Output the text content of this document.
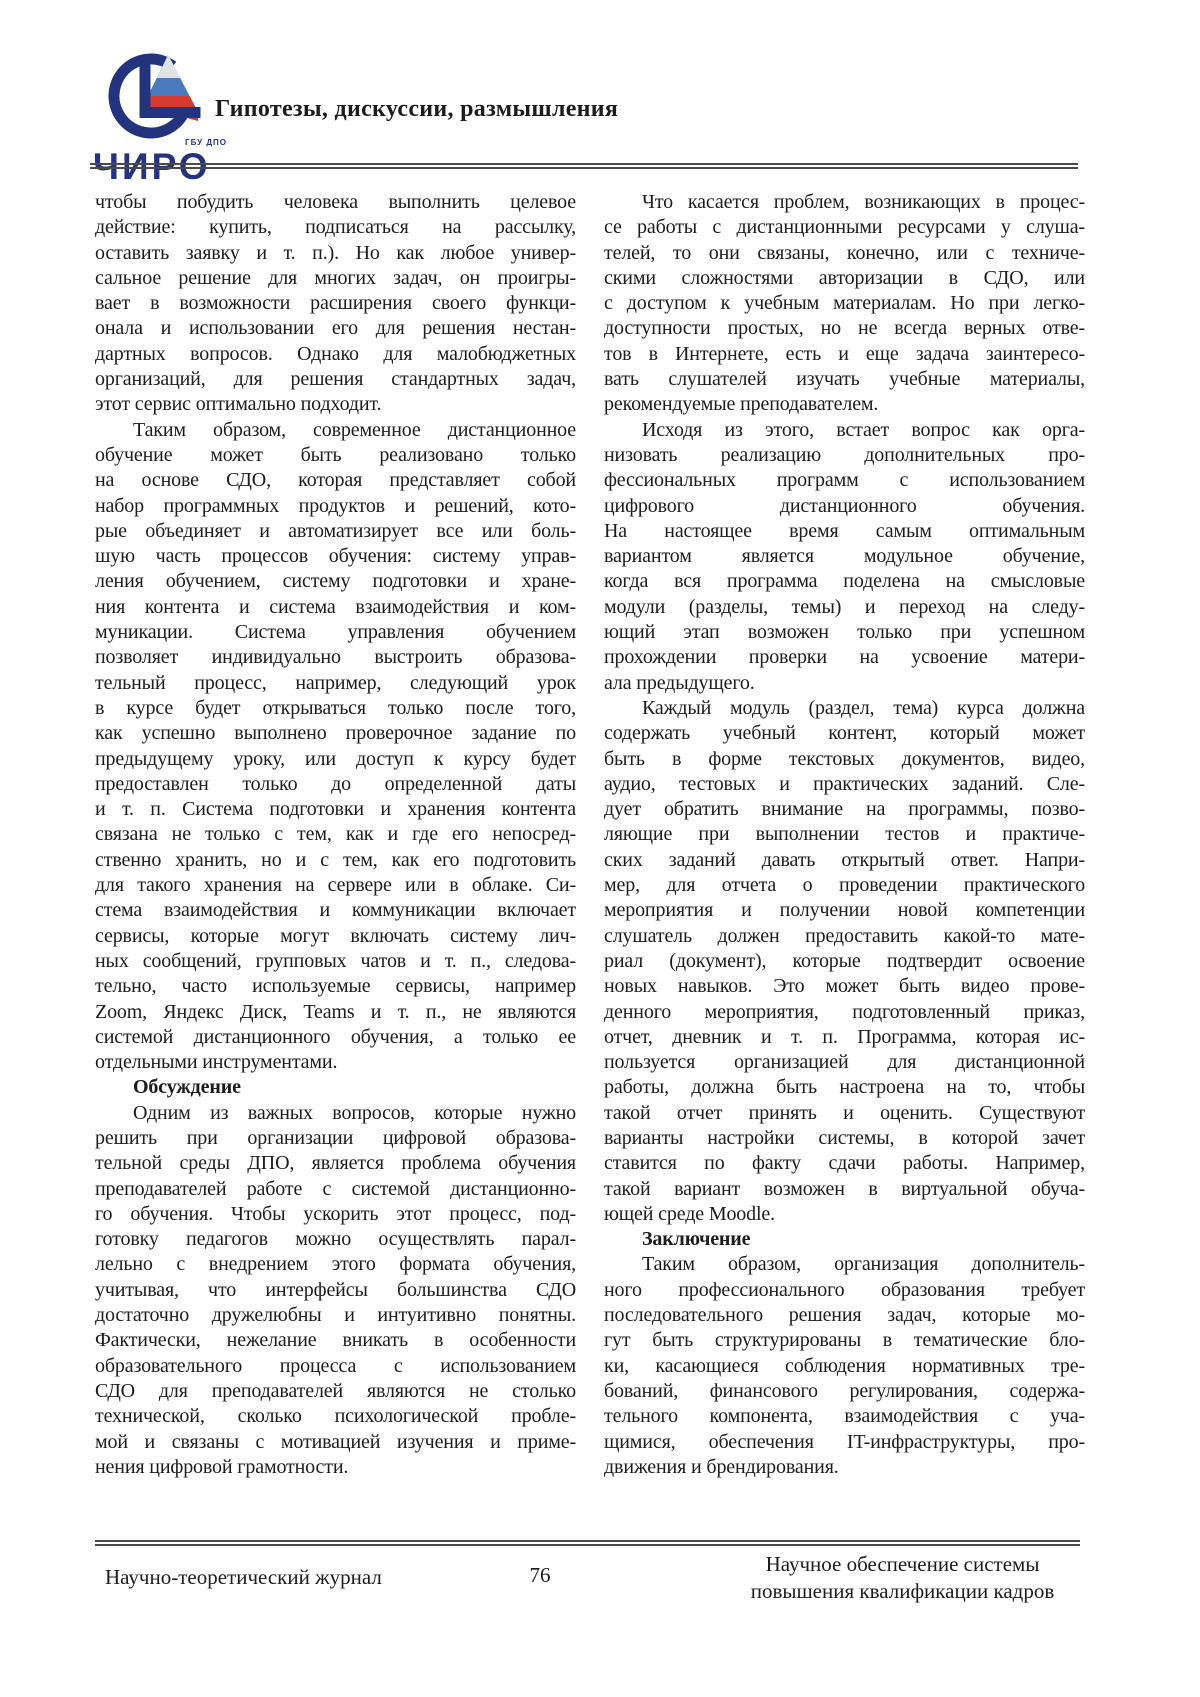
ГБУ ДПО
ЧИРО
Гипотезы, дискуссии, размышления
чтобы побудить человека выполнить целевое
действие: купить, подписаться на рассылку,
оставить заявку и т. п.). Но как любое универ-
сальное решение для многих задач, он проигры-
вает в возможности расширения своего функци-
онала и использовании его для решения нестан-
дартных вопросов. Однако для малобюджетных
организаций, для решения стандартных задач,
этот сервис оптимально подходит.
Таким образом, современное дистанционное
обучение может быть реализовано только
на основе СДО, которая представляет собой
набор программных продуктов и решений, кото-
рые объединяет и автоматизирует все или боль-
шую часть процессов обучения: систему управ-
ления обучением, систему подготовки и хране-
ния контента и система взаимодействия и ком-
муникации. Система управления обучением
позволяет индивидуально выстроить образова-
тельный процесс, например, следующий урок
в курсе будет открываться только после того,
как успешно выполнено проверочное задание по
предыдущему уроку, или доступ к курсу будет
предоставлен только до определенной даты
и т. п. Система подготовки и хранения контента
связана не только с тем, как и где его непосред-
ственно хранить, но и с тем, как его подготовить
для такого хранения на сервере или в облаке. Си-
стема взаимодействия и коммуникации включает
сервисы, которые могут включать систему лич-
ных сообщений, групповых чатов и т. п., следова-
тельно, часто используемые сервисы, например
Zoom, Яндекс Диск, Teams и т. п., не являются
системой дистанционного обучения, а только ее
отдельными инструментами.
Обсуждение
Одним из важных вопросов, которые нужно
решить при организации цифровой образова-
тельной среды ДПО, является проблема обучения
преподавателей работе с системой дистанционно-
го обучения. Чтобы ускорить этот процесс, под-
готовку педагогов можно осуществлять парал-
лельно с внедрением этого формата обучения,
учитывая, что интерфейсы большинства СДО
достаточно дружелюбны и интуитивно понятны.
Фактически, нежелание вникать в особенности
образовательного процесса с использованием
СДО для преподавателей являются не столько
технической, сколько психологической пробле-
мой и связаны с мотивацией изучения и приме-
нения цифровой грамотности.
Что касается проблем, возникающих в процес-
се работы с дистанционными ресурсами у слуша-
телей, то они связаны, конечно, или с техниче-
скими сложностями авторизации в СДО, или
с доступом к учебным материалам. Но при легко-
доступности простых, но не всегда верных отве-
тов в Интернете, есть и еще задача заинтересо-
вать слушателей изучать учебные материалы,
рекомендуемые преподавателем.
Исходя из этого, встает вопрос как орга-
низовать реализацию дополнительных про-
фессиональных программ с использованием
цифрового дистанционного обучения.
На настоящее время самым оптимальным
вариантом является модульное обучение,
когда вся программа поделена на смысловые
модули (разделы, темы) и переход на следу-
ющий этап возможен только при успешном
прохождении проверки на усвоение матери-
ала предыдущего.
Каждый модуль (раздел, тема) курса должна
содержать учебный контент, который может
быть в форме текстовых документов, видео,
аудио, тестовых и практических заданий. Сле-
дует обратить внимание на программы, позво-
ляющие при выполнении тестов и практиче-
ских заданий давать открытый ответ. Напри-
мер, для отчета о проведении практического
мероприятия и получении новой компетенции
слушатель должен предоставить какой-то мате-
риал (документ), которые подтвердит освоение
новых навыков. Это может быть видео прове-
денного мероприятия, подготовленный приказ,
отчет, дневник и т. п. Программа, которая ис-
пользуется организацией для дистанционной
работы, должна быть настроена на то, чтобы
такой отчет принять и оценить. Существуют
варианты настройки системы, в которой зачет
ставится по факту сдачи работы. Например,
такой вариант возможен в виртуальной обуча-
ющей среде Moodle.
Заключение
Таким образом, организация дополнитель-
ного профессионального образования требует
последовательного решения задач, которые мо-
гут быть структурированы в тематические бло-
ки, касающиеся соблюдения нормативных тре-
бований, финансового регулирования, содержа-
тельного компонента, взаимодействия с уча-
щимися, обеспечения IT-инфраструктуры, про-
движения и брендирования.
Научно-теоретический журнал	76	Научное обеспечение системы
повышения квалификации кадров
